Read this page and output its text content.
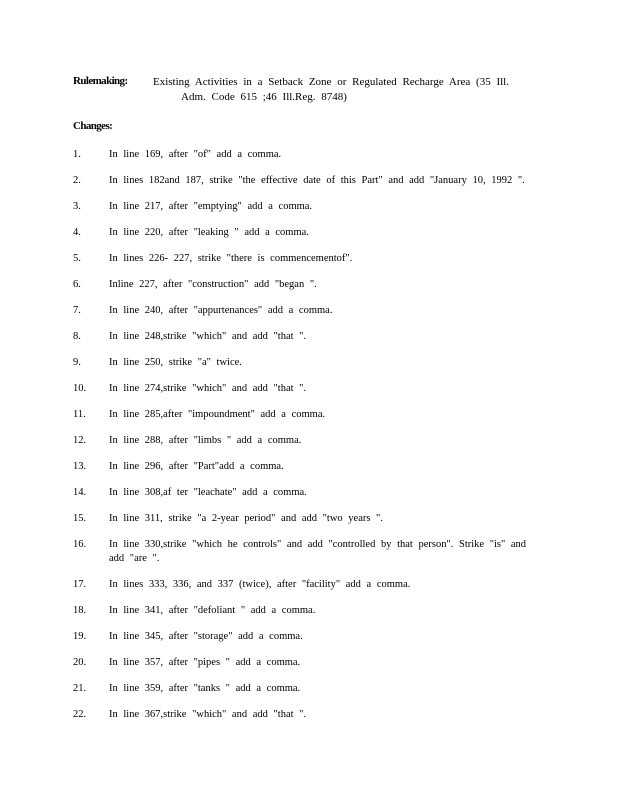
Rulemaking: Existing Activities in a Setback Zone or Regulated Recharge Area (35 Ill.
Adm. Code 615 ;46 Ill.Reg. 8748)
Changes:
1.	In line 169, after "of" add a comma.
2.	In lines 182and 187, strike "the effective date of this Part" and add "January 10, 1992 ".
3.	In line 217, after "emptying" add a comma.
4.	In line 220, after "leaking " add a comma.
5.	In lines 226- 227, strike "there is commencementof".
6.	Inline 227, after "construction" add "began ".
7.	In line 240, after "appurtenances" add a comma.
8.	In line 248,strike "which" and add "that ".
9.	In line 250, strike "a" twice.
10. In line 274,strike "which" and add "that ".
11. In line 285,after "impoundment" add a comma.
12. In line 288, after "limbs " add a comma.
13. In line 296, after "Part"add a comma.
14. In line 308,af ter "leachate" add a comma.
15. In line 311, strike "a 2-year period" and add "two years ".
16. In line 330,strike "which he controls" and add "controlled by that person". Strike "is" and add "are ".
17. In lines 333, 336, and 337 (twice), after "facility" add a comma.
18. In line 341, after "defoliant " add a comma.
19. In line 345, after "storage" add a comma.
20. In line 357, after "pipes " add a comma.
21. In line 359, after "tanks " add a comma.
22. In line 367,strike "which" and add "that ".
